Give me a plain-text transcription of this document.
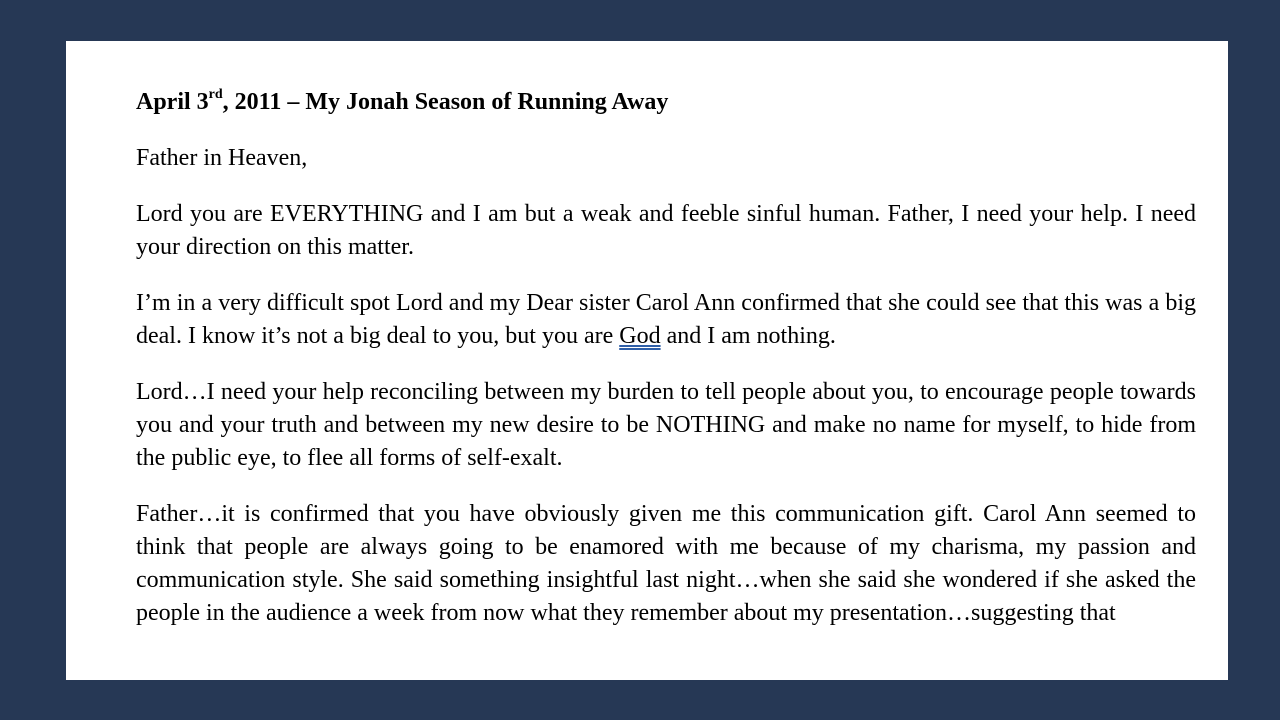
April 3rd, 2011 – My Jonah Season of Running Away

Father in Heaven,

Lord you are EVERYTHING and I am but a weak and feeble sinful human. Father, I need your help. I need your direction on this matter.

I’m in a very difficult spot Lord and my Dear sister Carol Ann confirmed that she could see that this was a big deal. I know it’s not a big deal to you, but you are God and I am nothing.

Lord…I need your help reconciling between my burden to tell people about you, to encourage people towards you and your truth and between my new desire to be NOTHING and make no name for myself, to hide from the public eye, to flee all forms of self-exalt.

Father…it is confirmed that you have obviously given me this communication gift. Carol Ann seemed to think that people are always going to be enamored with me because of my charisma, my passion and communication style. She said something insightful last night…when she said she wondered if she asked the people in the audience a week from now what they remember about my presentation…suggesting that
